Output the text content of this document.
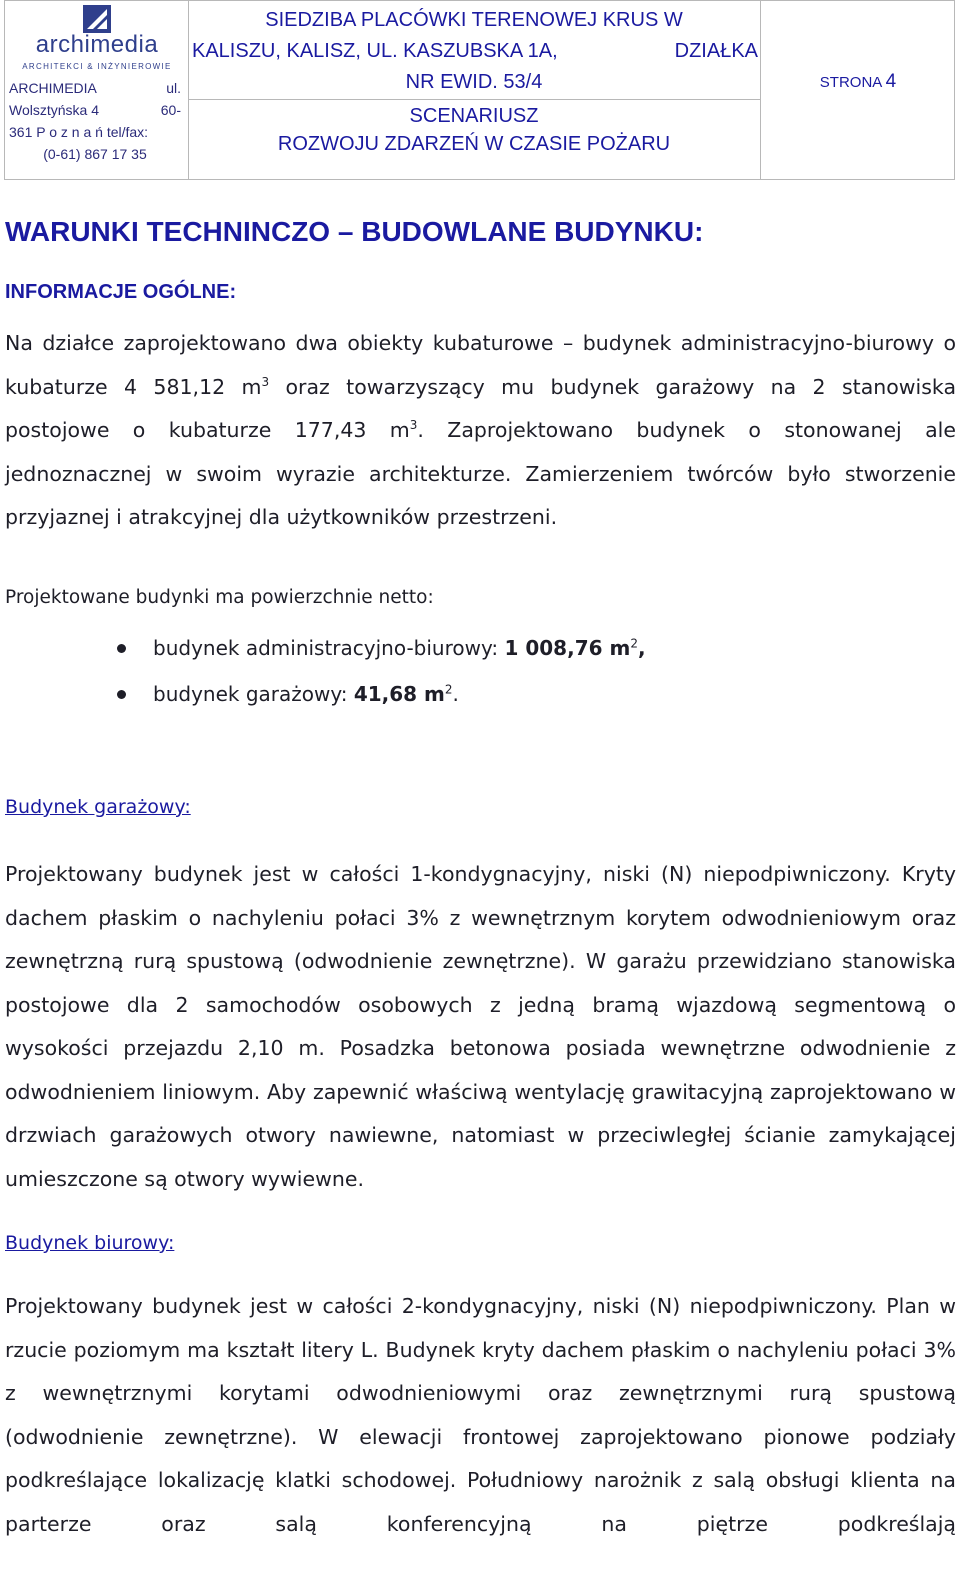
archimedia
ARCHITEKCI & INŻYNIEROWIE
ARCHIMEDIA	ul.
Wolsztyńska 4	60-
361 P o z n a ń tel/fax:
(0-61) 867 17 35
SIEDZIBA PLACÓWKI TERENOWEJ KRUS W
KALISZU, KALISZ, UL. KASZUBSKA 1A,	DZIAŁKA
NR EWID. 53/4
SCENARIUSZ
ROZWOJU ZDARZEŃ W CZASIE POŻARU
STRONA 4
WARUNKI TECHNINCZO – BUDOWLANE BUDYNKU:
INFORMACJE OGÓLNE:

Na działce zaprojektowano dwa obiekty kubaturowe – budynek administracyjno-biurowy o kubaturze 4 581,12 $m^3$ oraz towarzyszący mu budynek garażowy na 2 stanowiska postojowe o kubaturze 177,43 $m^3$. Zaprojektowano budynek o stonowanej ale jednoznacznej w swoim wyrazie architekturze. Zamierzeniem twórców było stworzenie przyjaznej i atrakcyjnej dla użytkowników przestrzeni.

Projektowane budynki ma powierzchnie netto:

budynek administracyjno-biurowy: 1 008,76 $m^2$,
budynek garażowy: 41,68 $m^2$.

Budynek garażowy:

Projektowany budynek jest w całości 1-kondygnacyjny, niski (N) niepodpiwniczony. Kryty dachem płaskim o nachyleniu połaci 3% z wewnętrznym korytem odwodnieniowym oraz zewnętrzną rurą spustową (odwodnienie zewnętrzne). W garażu przewidziano stanowiska postojowe dla 2 samochodów osobowych z jedną bramą wjazdową segmentową o wysokości przejazdu 2,10 m. Posadzka betonowa posiada wewnętrzne odwodnienie z odwodnieniem liniowym. Aby zapewnić właściwą wentylację grawitacyjną zaprojektowano w drzwiach garażowych otwory nawiewne, natomiast w przeciwległej ścianie zamykającej umieszczone są otwory wywiewne.

Budynek biurowy:

Projektowany budynek jest w całości 2-kondygnacyjny, niski (N) niepodpiwniczony. Plan w rzucie poziomym ma kształt litery L. Budynek kryty dachem płaskim o nachyleniu połaci 3% z wewnętrznymi korytami odwodnieniowymi oraz zewnętrznymi rurą spustową (odwodnienie zewnętrzne). W elewacji frontowej zaprojektowano pionowe podziały podkreślające lokalizację klatki schodowej. Południowy narożnik z salą obsługi klienta na parterze oraz salą konferencyjną na piętrze podkreślają
